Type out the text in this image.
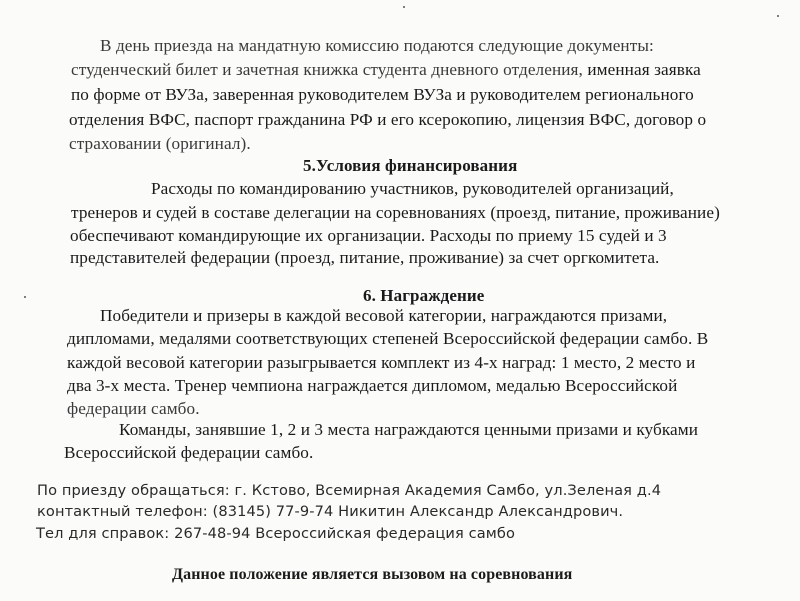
В день приезда на мандатную комиссию подаются следующие документы:
студенческий билет и зачетная книжка студента дневного отделения, именная заявка
по форме от ВУЗа, заверенная руководителем ВУЗа и руководителем регионального
отделения ВФС, паспорт гражданина РФ и его ксерокопию, лицензия ВФС, договор о
страховании (оригинал).
5.Условия финансирования
Расходы по командированию участников, руководителей организаций,
тренеров и судей в составе делегации на соревнованиях (проезд, питание, проживание)
обеспечивают командирующие их организации. Расходы по приему 15 судей и 3
представителей федерации (проезд, питание, проживание) за счет оргкомитета.
6. Награждение
Победители и призеры в каждой весовой категории, награждаются призами,
дипломами, медалями соответствующих степеней Всероссийской федерации самбо. В
каждой весовой категории разыгрывается комплект из 4-х наград: 1 место, 2 место и
два 3-х места. Тренер чемпиона награждается дипломом, медалью Всероссийской
федерации самбо.
Команды, занявшие 1, 2 и 3 места награждаются ценными призами и кубками
Всероссийской федерации самбо.
По приезду обращаться: г. Кстово, Всемирная Академия Самбо, ул.Зеленая д.4
контактный телефон: (83145) 77-9-74 Никитин Александр Александрович.
Тел для справок: 267-48-94 Всероссийская федерация самбо
Данное положение является вызовом на соревнования
